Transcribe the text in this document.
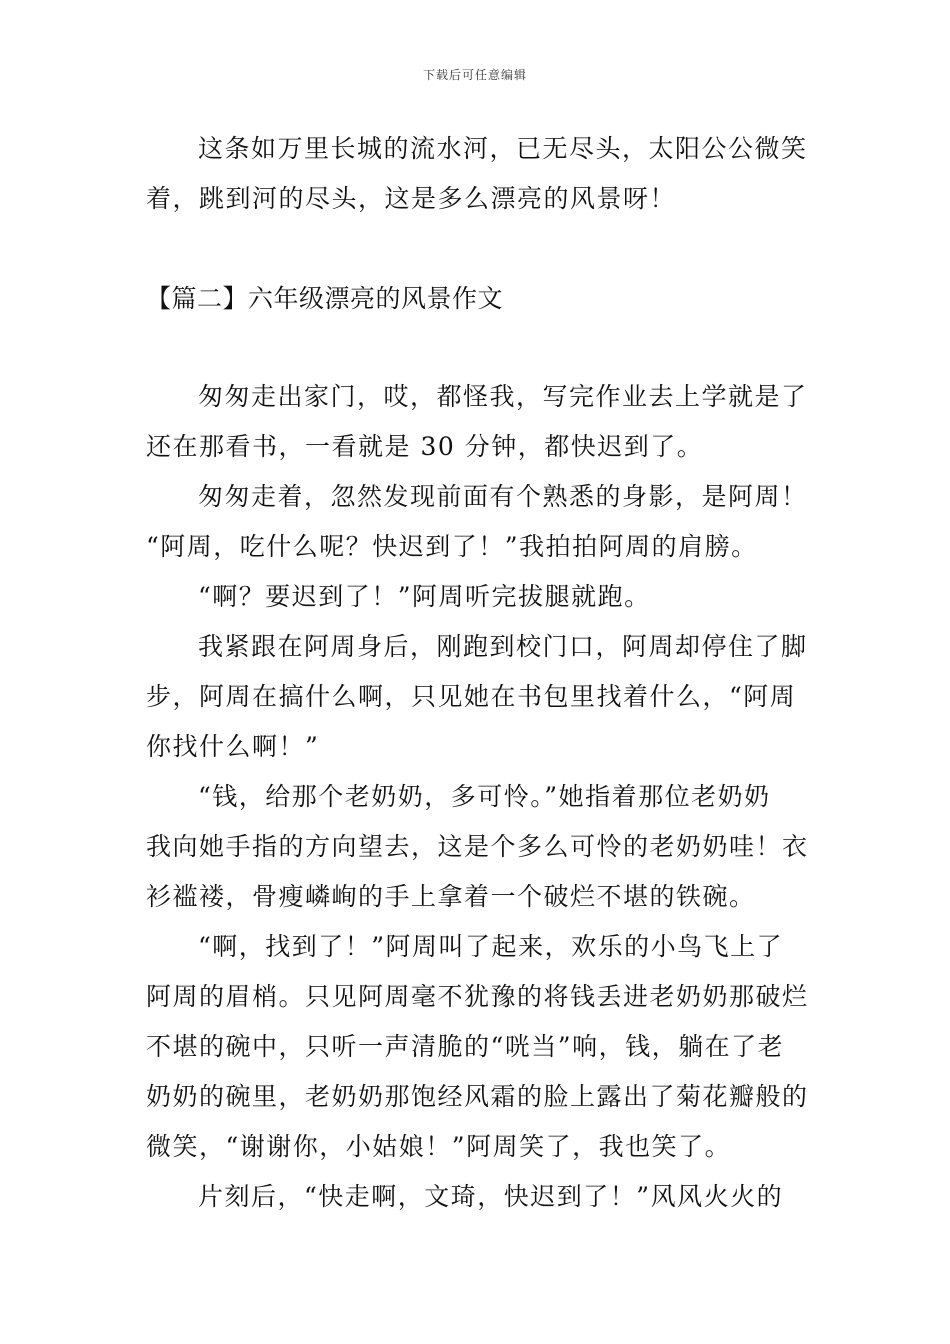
下载后可任意编辑
这条如万里长城的流水河，已无尽头，太阳公公微笑
着，跳到河的尽头，这是多么漂亮的风景呀！
【篇二】六年级漂亮的风景作文
匆匆走出家门，哎，都怪我，写完作业去上学就是了
还在那看书，一看就是 30 分钟，都快迟到了。
匆匆走着，忽然发现前面有个熟悉的身影，是阿周！
“阿周，吃什么呢？快迟到了！”我拍拍阿周的肩膀。
“啊？要迟到了！”阿周听完拔腿就跑。
我紧跟在阿周身后，刚跑到校门口，阿周却停住了脚
步，阿周在搞什么啊，只见她在书包里找着什么，“阿周
你找什么啊！”
“钱，给那个老奶奶，多可怜。”她指着那位老奶奶
我向她手指的方向望去，这是个多么可怜的老奶奶哇！衣
衫褴褛，骨瘦嶙峋的手上拿着一个破烂不堪的铁碗。
“啊，找到了！”阿周叫了起来，欢乐的小鸟飞上了
阿周的眉梢。只见阿周毫不犹豫的将钱丢进老奶奶那破烂
不堪的碗中，只听一声清脆的“咣当”响，钱，躺在了老
奶奶的碗里，老奶奶那饱经风霜的脸上露出了菊花瓣般的
微笑，“谢谢你，小姑娘！”阿周笑了，我也笑了。
片刻后，“快走啊，文琦，快迟到了！”风风火火的
